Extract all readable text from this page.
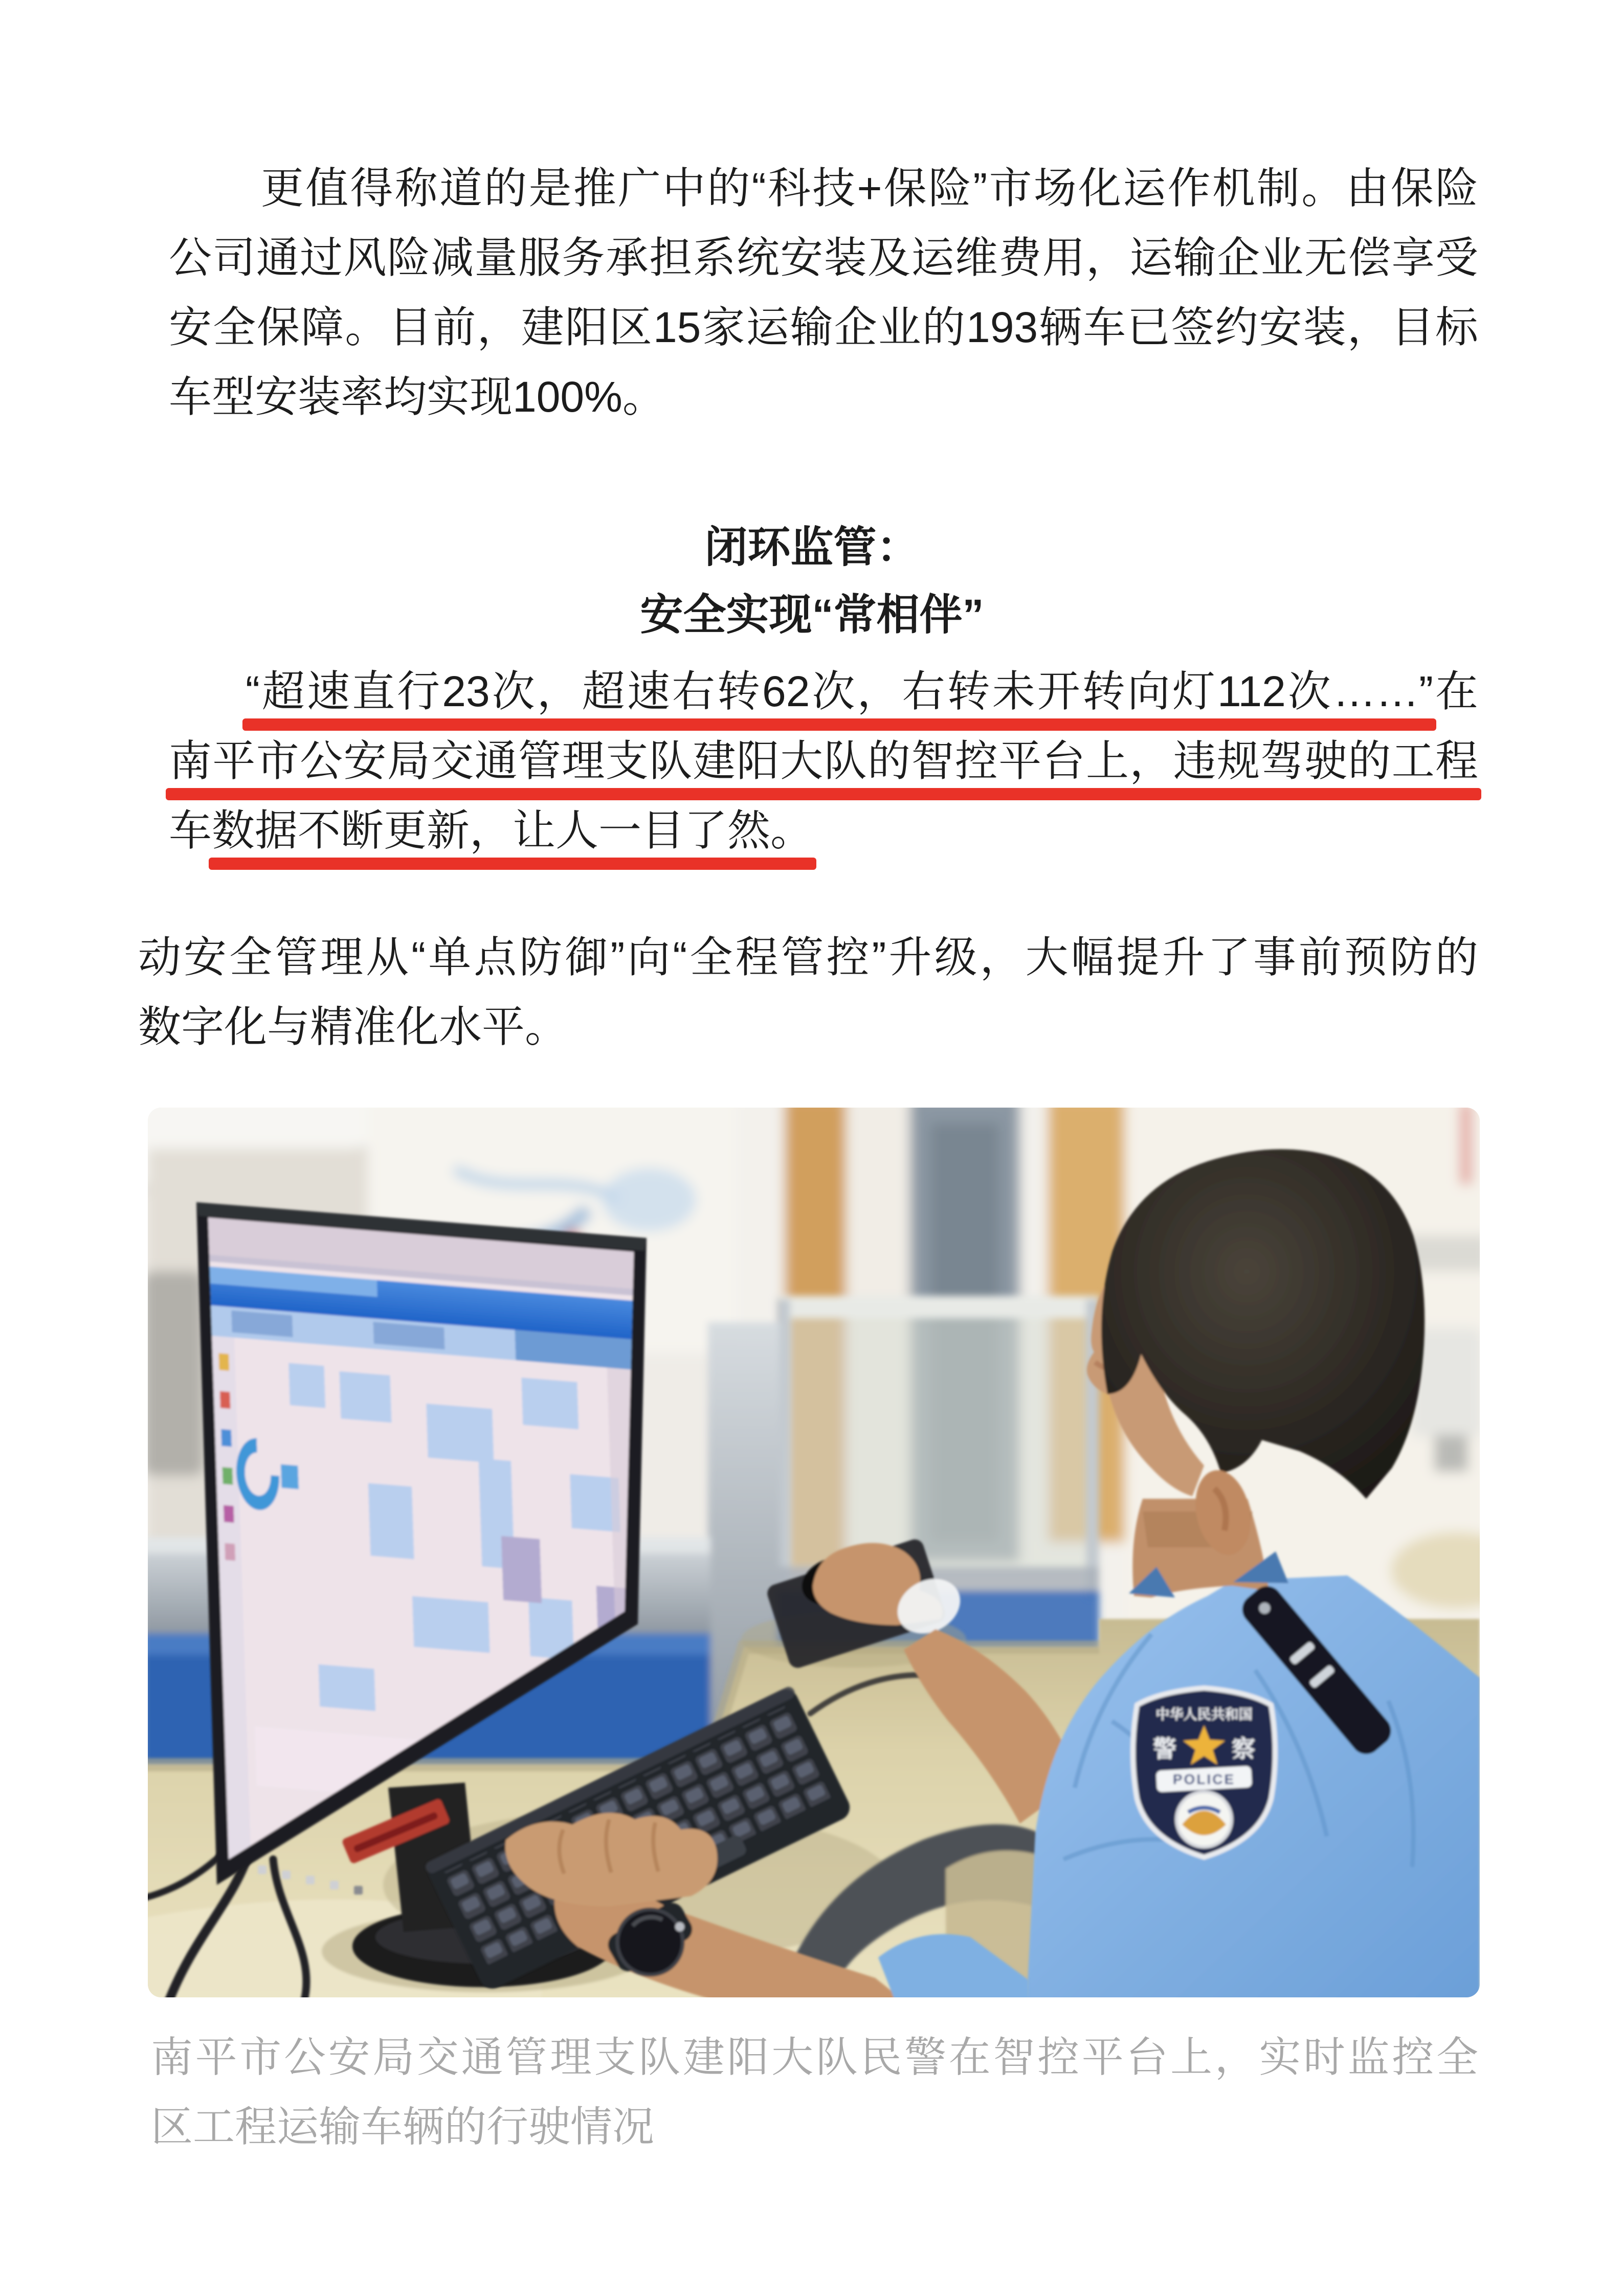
更值得称道的是推广中的“科技+保险”市场化运作机制。由保险
公司通过风险减量服务承担系统安装及运维费用，运输企业无偿享受
安全保障。目前，建阳区15家运输企业的193辆车已签约安装，目标
车型安装率均实现100%。
闭环监管：
安全实现“常相伴”
“超速直行23次，超速右转62次，右转未开转向灯112次……”在
南平市公安局交通管理支队建阳大队的智控平台上，违规驾驶的工程
车数据不断更新，让人一目了然。
动安全管理从“单点防御”向“全程管控”升级，大幅提升了事前预防的
数字化与精准化水平。
中华人民共和国
警 察
POLICE
南平市公安局交通管理支队建阳大队民警在智控平台上，实时监控全
区工程运输车辆的行驶情况
